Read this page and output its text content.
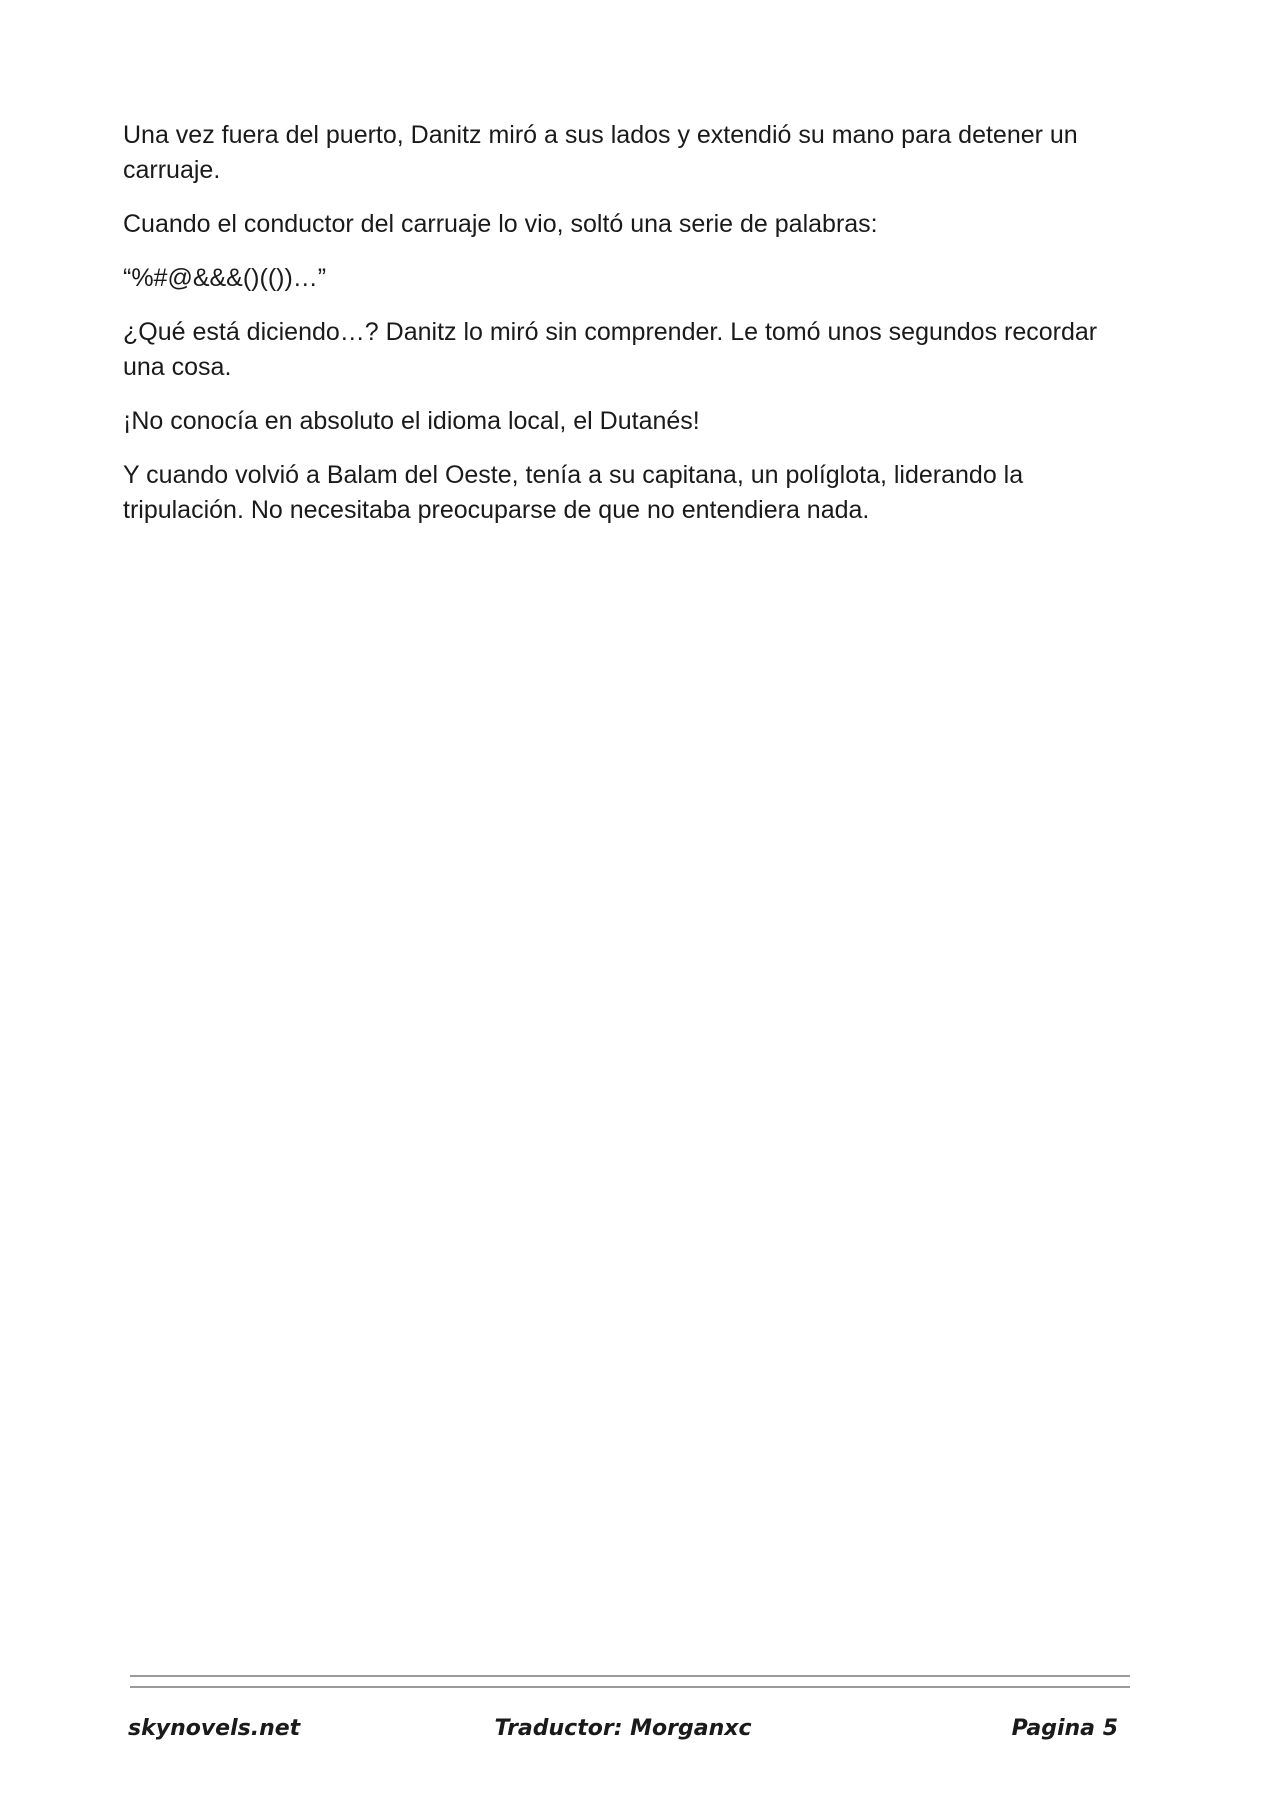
Una vez fuera del puerto, Danitz miró a sus lados y extendió su mano para detener un carruaje.

Cuando el conductor del carruaje lo vio, soltó una serie de palabras:

“%#@&&&()(())…”

¿Qué está diciendo…? Danitz lo miró sin comprender. Le tomó unos segundos recordar una cosa.

¡No conocía en absoluto el idioma local, el Dutanés!

Y cuando volvió a Balam del Oeste, tenía a su capitana, un políglota, liderando la tripulación. No necesitaba preocuparse de que no entendiera nada.

skynovels.net	Traductor: Morganxc	Pagina 5
